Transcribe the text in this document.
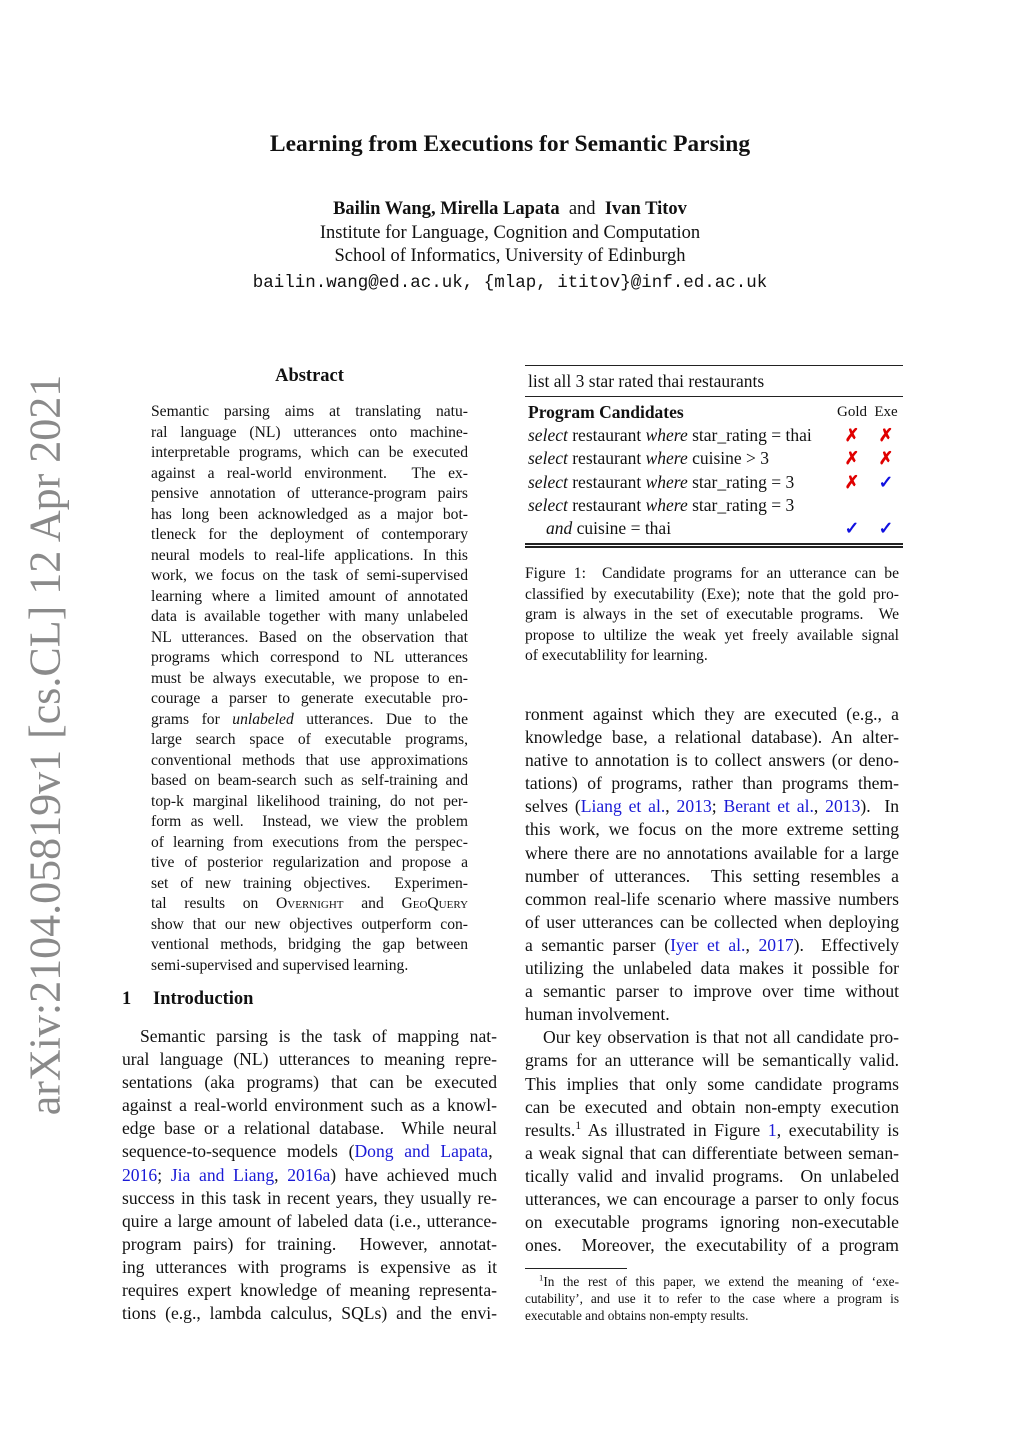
arXiv:2104.05819v1 [cs.CL] 12 Apr 2021
Learning from Executions for Semantic Parsing
Bailin Wang, Mirella Lapata and Ivan Titov
Institute for Language, Cognition and Computation
School of Informatics, University of Edinburgh
bailin.wang@ed.ac.uk, {mlap, ititov}@inf.ed.ac.uk
Abstract
Semantic parsing aims at translating natu-
ral language (NL) utterances onto machine-
interpretable programs, which can be executed
against a real-world environment.  The ex-
pensive annotation of utterance-program pairs
has long been acknowledged as a major bot-
tleneck for the deployment of contemporary
neural models to real-life applications. In this
work, we focus on the task of semi-supervised
learning where a limited amount of annotated
data is available together with many unlabeled
NL utterances. Based on the observation that
programs which correspond to NL utterances
must be always executable, we propose to en-
courage a parser to generate executable pro-
grams for unlabeled utterances. Due to the
large search space of executable programs,
conventional methods that use approximations
based on beam-search such as self-training and
top-k marginal likelihood training, do not per-
form as well.  Instead, we view the problem
of learning from executions from the perspec-
tive of posterior regularization and propose a
set of new training objectives.  Experimen-
tal results on Overnight and GeoQuery
show that our new objectives outperform con-
ventional methods, bridging the gap between
semi-supervised and supervised learning.
1 Introduction
Semantic parsing is the task of mapping nat-
ural language (NL) utterances to meaning repre-
sentations (aka programs) that can be executed
against a real-world environment such as a knowl-
edge base or a relational database.  While neural
sequence-to-sequence models (Dong and Lapata,
2016; Jia and Liang, 2016a) have achieved much
success in this task in recent years, they usually re-
quire a large amount of labeled data (i.e., utterance-
program pairs) for training.  However, annotat-
ing utterances with programs is expensive as it
requires expert knowledge of meaning representa-
tions (e.g., lambda calculus, SQLs) and the envi-
list all 3 star rated thai restaurants
Program Candidates	Gold Exe
select restaurant where star_rating = thai	✗	✗
select restaurant where cuisine > 3	✗	✗
select restaurant where star_rating = 3	✗	✓
select restaurant where star_rating = 3
and cuisine = thai	✓	✓
Figure 1:  Candidate programs for an utterance can be
classified by executability (Exe); note that the gold pro-
gram is always in the set of executable programs.  We
propose to ultilize the weak yet freely available signal
of executablility for learning.
ronment against which they are executed (e.g., a
knowledge base, a relational database). An alter-
native to annotation is to collect answers (or deno-
tations) of programs, rather than programs them-
selves (Liang et al., 2013; Berant et al., 2013).  In
this work, we focus on the more extreme setting
where there are no annotations available for a large
number of utterances.  This setting resembles a
common real-life scenario where massive numbers
of user utterances can be collected when deploying
a semantic parser (Iyer et al., 2017).  Effectively
utilizing the unlabeled data makes it possible for
a semantic parser to improve over time without
human involvement.
Our key observation is that not all candidate pro-
grams for an utterance will be semantically valid.
This implies that only some candidate programs
can be executed and obtain non-empty execution
results.$^1$ As illustrated in Figure 1, executability is
a weak signal that can differentiate between seman-
tically valid and invalid programs.  On unlabeled
utterances, we can encourage a parser to only focus
on executable programs ignoring non-executable
ones.  Moreover, the executability of a program
$^1$In the rest of this paper, we extend the meaning of ‘exe-
cutability’, and use it to refer to the case where a program is
executable and obtains non-empty results.
